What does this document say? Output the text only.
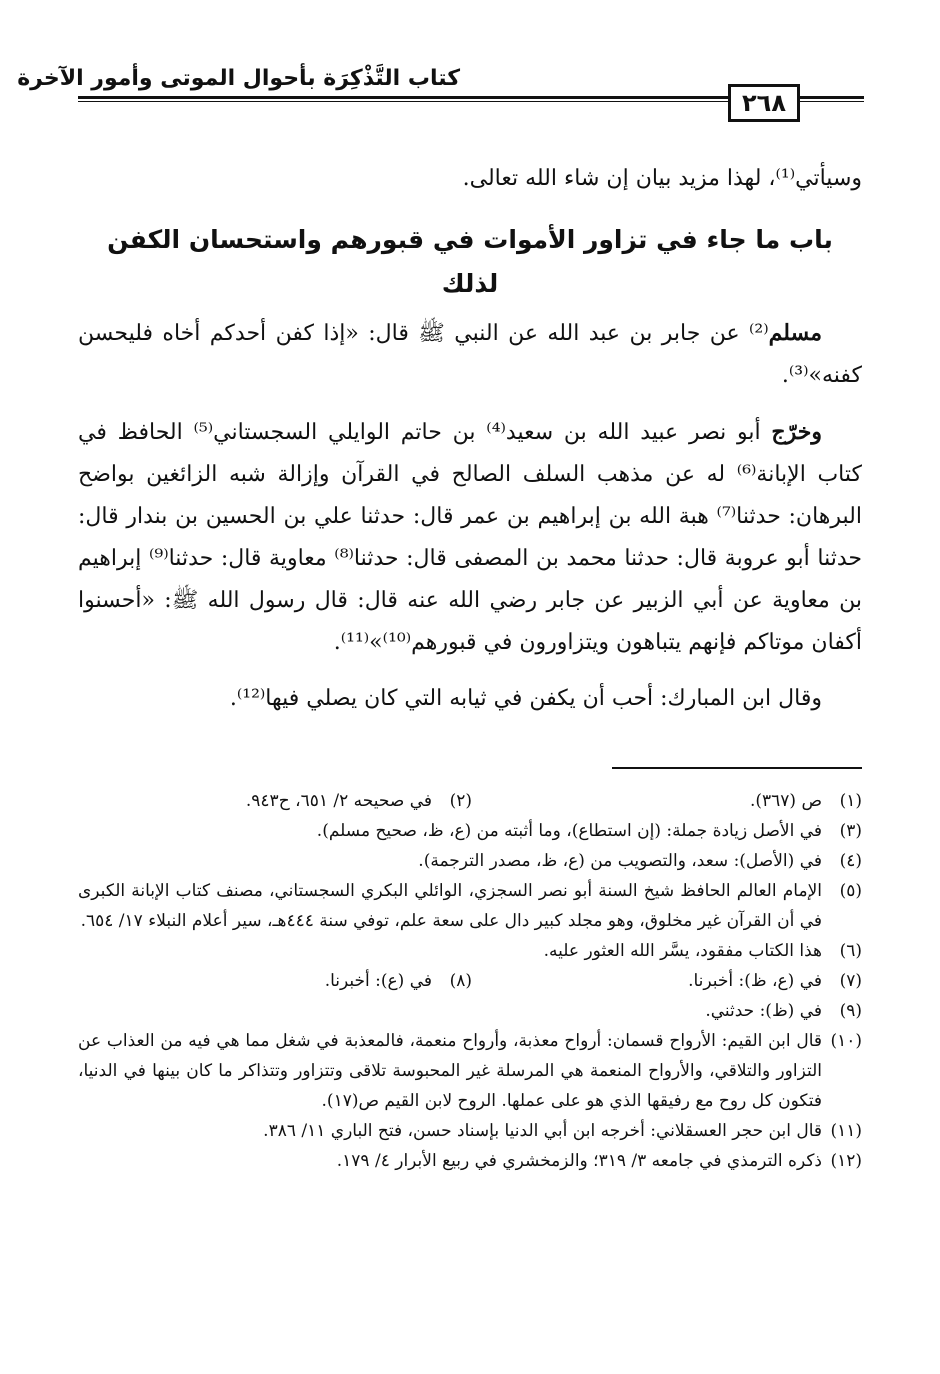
كتاب التَّذْكِرَة بأحوال الموتى وأمور الآخرة
٢٦٨

وسيأتي⁽¹⁾، لهذا مزيد بيان إن شاء الله تعالى.

باب ما جاء في تزاور الأموات في قبورهم واستحسان الكفن لذلك

مسلم⁽²⁾ عن جابر بن عبد الله عن النبي ﷺ قال: «إذا كفن أحدكم أخاه فليحسن كفنه»⁽³⁾.

وخرّج أبو نصر عبيد الله بن سعيد⁽⁴⁾ بن حاتم الوايلي السجستاني⁽⁵⁾ الحافظ في كتاب الإبانة⁽⁶⁾ له عن مذهب السلف الصالح في القرآن وإزالة شبه الزائغين بواضح البرهان: حدثنا⁽⁷⁾ هبة الله بن إبراهيم بن عمر قال: حدثنا علي بن الحسين بن بندار قال: حدثنا أبو عروبة قال: حدثنا محمد بن المصفى قال: حدثنا⁽⁸⁾ معاوية قال: حدثنا⁽⁹⁾ إبراهيم بن معاوية عن أبي الزبير عن جابر رضي الله عنه قال: قال رسول الله ﷺ: «أحسنوا أكفان موتاكم فإنهم يتباهون ويتزاورون في قبورهم⁽¹⁰⁾»⁽¹¹⁾.

وقال ابن المبارك: أحب أن يكفن في ثيابه التي كان يصلي فيها⁽¹²⁾.

(١)
ص (٣٦٧).
(٢)
في صحيحه ٢/ ٦٥١، ح٩٤٣.
(٣)
في الأصل زيادة جملة: (إن استطاع)، وما أثبته من (ع، ظ، صحيح مسلم).
(٤)
في (الأصل): سعد، والتصويب من (ع، ظ، مصدر الترجمة).
(٥)
الإمام العالم الحافظ شيخ السنة أبو نصر السجزي، الوائلي البكري السجستاني، مصنف كتاب الإبانة الكبرى في أن القرآن غير مخلوق، وهو مجلد كبير دال على سعة علم، توفي سنة ٤٤٤هـ، سير أعلام النبلاء ١٧/ ٦٥٤.
(٦)
هذا الكتاب مفقود، يسَّر الله العثور عليه.
(٧)
في (ع، ظ): أخبرنا.
(٨)
في (ع): أخبرنا.
(٩)
في (ظ): حدثني.
(١٠)
قال ابن القيم: الأرواح قسمان: أرواح معذبة، وأرواح منعمة، فالمعذبة في شغل مما هي فيه من العذاب عن التزاور والتلاقي، والأرواح المنعمة هي المرسلة غير المحبوسة تلاقى وتتزاور وتتذاكر ما كان بينها في الدنيا، فتكون كل روح مع رفيقها الذي هو على عملها. الروح لابن القيم ص(١٧).
(١١)
قال ابن حجر العسقلاني: أخرجه ابن أبي الدنيا بإسناد حسن، فتح الباري ١١/ ٣٨٦.
(١٢)
ذكره الترمذي في جامعه ٣/ ٣١٩؛ والزمخشري في ربيع الأبرار ٤/ ١٧٩.
